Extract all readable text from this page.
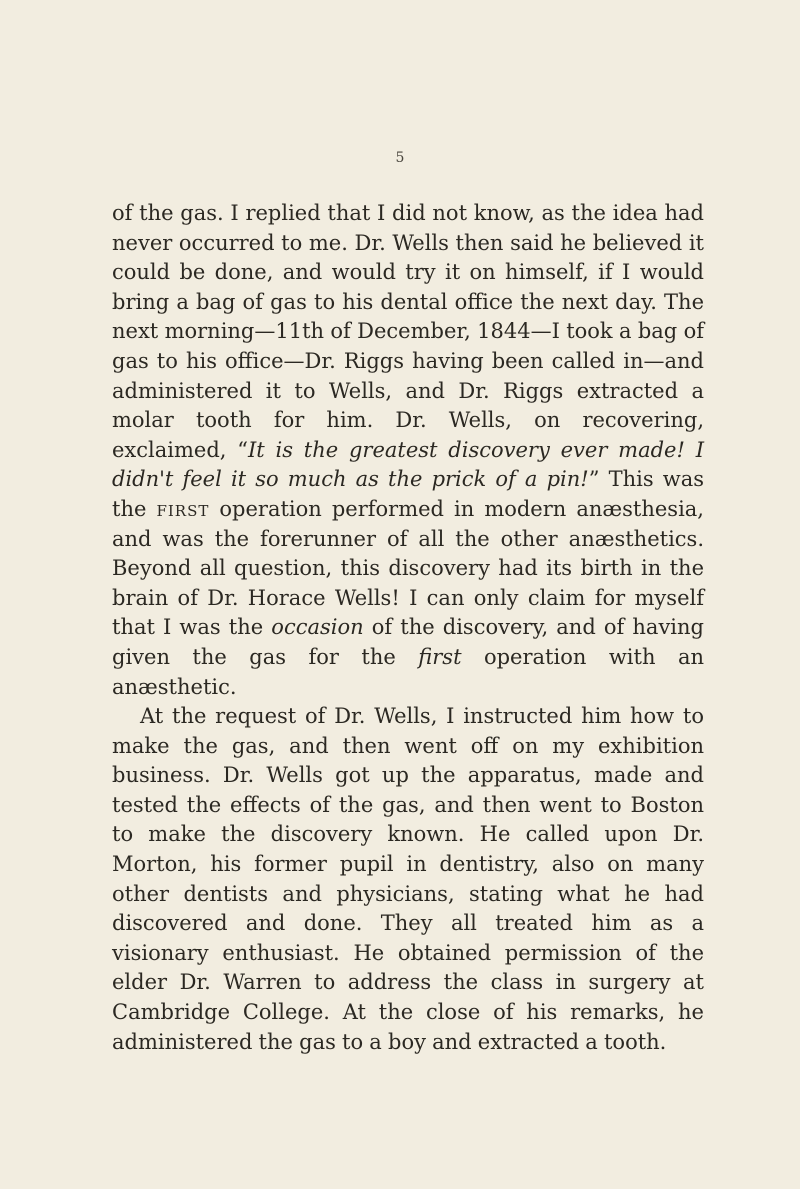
5

of the gas. I replied that I did not know, as the idea had never occurred to me. Dr. Wells then said he believed it could be done, and would try it on himself, if I would bring a bag of gas to his dental office the next day. The next morning—11th of December, 1844—I took a bag of gas to his office—Dr. Riggs having been called in—and administered it to Wells, and Dr. Riggs extracted a molar tooth for him. Dr. Wells, on recovering, exclaimed, “It is the greatest discovery ever made! I didn't feel it so much as the prick of a pin!” This was the first operation performed in modern anæsthesia, and was the forerunner of all the other anæsthetics. Beyond all question, this discovery had its birth in the brain of Dr. Horace Wells! I can only claim for myself that I was the occasion of the discovery, and of having given the gas for the first operation with an anæsthetic.

At the request of Dr. Wells, I instructed him how to make the gas, and then went off on my exhibition business. Dr. Wells got up the apparatus, made and tested the effects of the gas, and then went to Boston to make the discovery known. He called upon Dr. Morton, his former pupil in dentistry, also on many other dentists and physicians, stating what he had discovered and done. They all treated him as a visionary enthusiast. He obtained permission of the elder Dr. Warren to address the class in surgery at Cambridge College. At the close of his remarks, he administered the gas to a boy and extracted a tooth.
